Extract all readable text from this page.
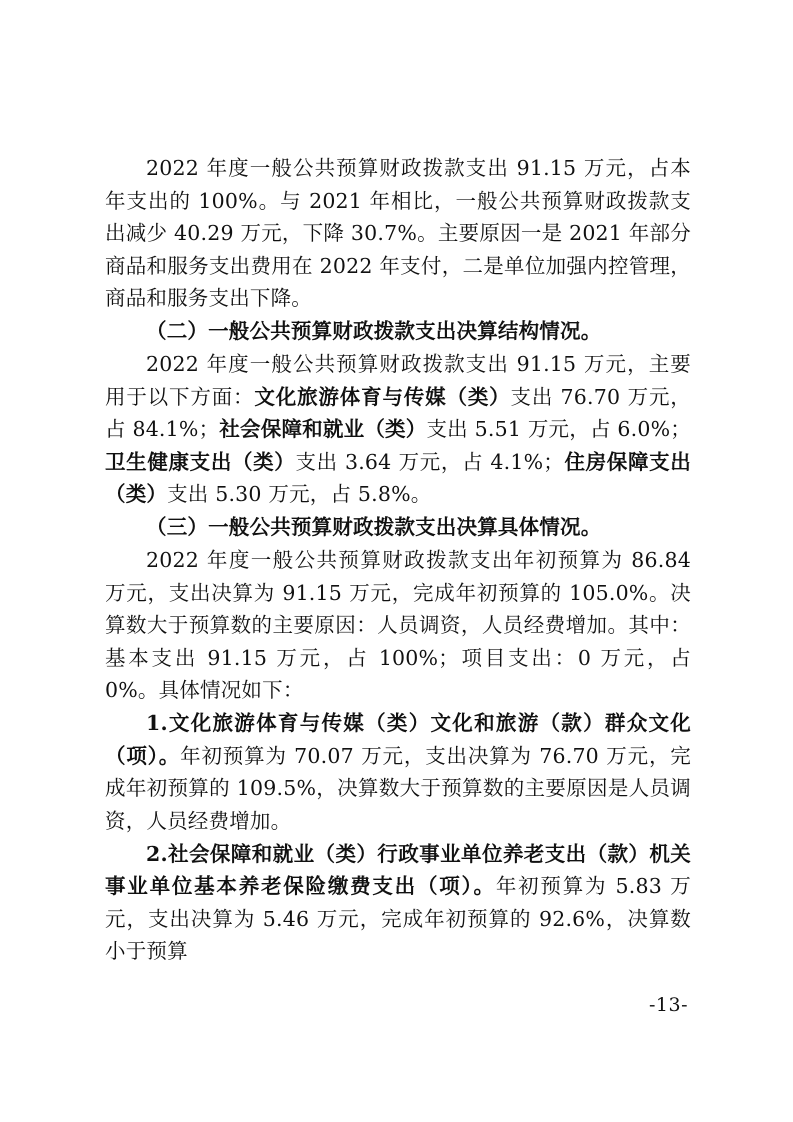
2022 年度一般公共预算财政拨款支出 91.15 万元，占本年支出的 100%。与 2021 年相比，一般公共预算财政拨款支出减少 40.29 万元，下降 30.7%。主要原因一是 2021 年部分商品和服务支出费用在 2022 年支付，二是单位加强内控管理，商品和服务支出下降。

（二）一般公共预算财政拨款支出决算结构情况。

2022 年度一般公共预算财政拨款支出 91.15 万元，主要用于以下方面：文化旅游体育与传媒（类）支出 76.70 万元，占 84.1%；社会保障和就业（类）支出 5.51 万元，占 6.0%；卫生健康支出（类）支出 3.64 万元，占 4.1%；住房保障支出（类）支出 5.30 万元，占 5.8%。

（三）一般公共预算财政拨款支出决算具体情况。

2022 年度一般公共预算财政拨款支出年初预算为 86.84 万元，支出决算为 91.15 万元，完成年初预算的 105.0%。决算数大于预算数的主要原因：人员调资，人员经费增加。其中：基本支出 91.15 万元，占 100%；项目支出：0 万元，占 0%。具体情况如下：

1.文化旅游体育与传媒（类）文化和旅游（款）群众文化（项）。年初预算为 70.07 万元，支出决算为 76.70 万元，完成年初预算的 109.5%，决算数大于预算数的主要原因是人员调资，人员经费增加。

2.社会保障和就业（类）行政事业单位养老支出（款）机关事业单位基本养老保险缴费支出（项）。年初预算为 5.83 万元，支出决算为 5.46 万元，完成年初预算的 92.6%，决算数小于预算

-13-
